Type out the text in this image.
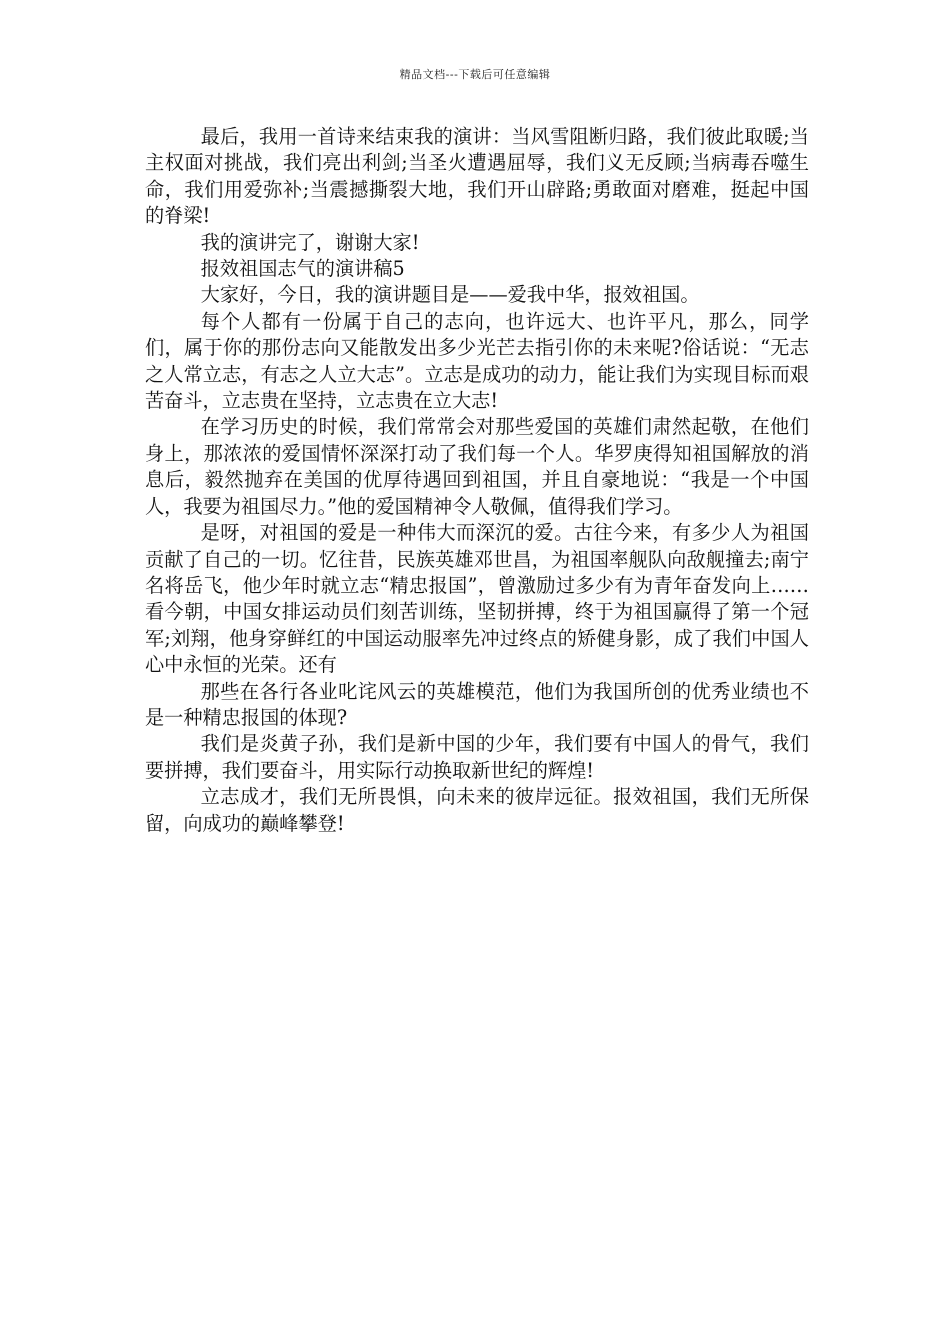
精品文档---下载后可任意编辑

最后，我用一首诗来结束我的演讲：当风雪阻断归路，我们彼此取暖;当主权面对挑战，我们亮出利剑;当圣火遭遇屈辱，我们义无反顾;当病毒吞噬生命，我们用爱弥补;当震撼撕裂大地，我们开山辟路;勇敢面对磨难，挺起中国的脊梁!

我的演讲完了，谢谢大家!

报效祖国志气的演讲稿5

大家好，今日，我的演讲题目是——爱我中华，报效祖国。

每个人都有一份属于自己的志向，也许远大、也许平凡，那么，同学们，属于你的那份志向又能散发出多少光芒去指引你的未来呢?俗话说：“无志之人常立志，有志之人立大志”。立志是成功的动力，能让我们为实现目标而艰苦奋斗，立志贵在坚持，立志贵在立大志!

在学习历史的时候，我们常常会对那些爱国的英雄们肃然起敬，在他们身上，那浓浓的爱国情怀深深打动了我们每一个人。华罗庚得知祖国解放的消息后，毅然抛弃在美国的优厚待遇回到祖国，并且自豪地说：“我是一个中国人，我要为祖国尽力。”他的爱国精神令人敬佩，值得我们学习。

是呀，对祖国的爱是一种伟大而深沉的爱。古往今来，有多少人为祖国贡献了自己的一切。忆往昔，民族英雄邓世昌，为祖国率舰队向敌舰撞去;南宁名将岳飞，他少年时就立志“精忠报国”，曾激励过多少有为青年奋发向上……看今朝，中国女排运动员们刻苦训练，坚韧拼搏，终于为祖国赢得了第一个冠军;刘翔，他身穿鲜红的中国运动服率先冲过终点的矫健身影，成了我们中国人心中永恒的光荣。还有

那些在各行各业叱诧风云的英雄模范，他们为我国所创的优秀业绩也不是一种精忠报国的体现?

我们是炎黄子孙，我们是新中国的少年，我们要有中国人的骨气，我们要拼搏，我们要奋斗，用实际行动换取新世纪的辉煌!

立志成才，我们无所畏惧，向未来的彼岸远征。报效祖国，我们无所保留，向成功的巅峰攀登!
